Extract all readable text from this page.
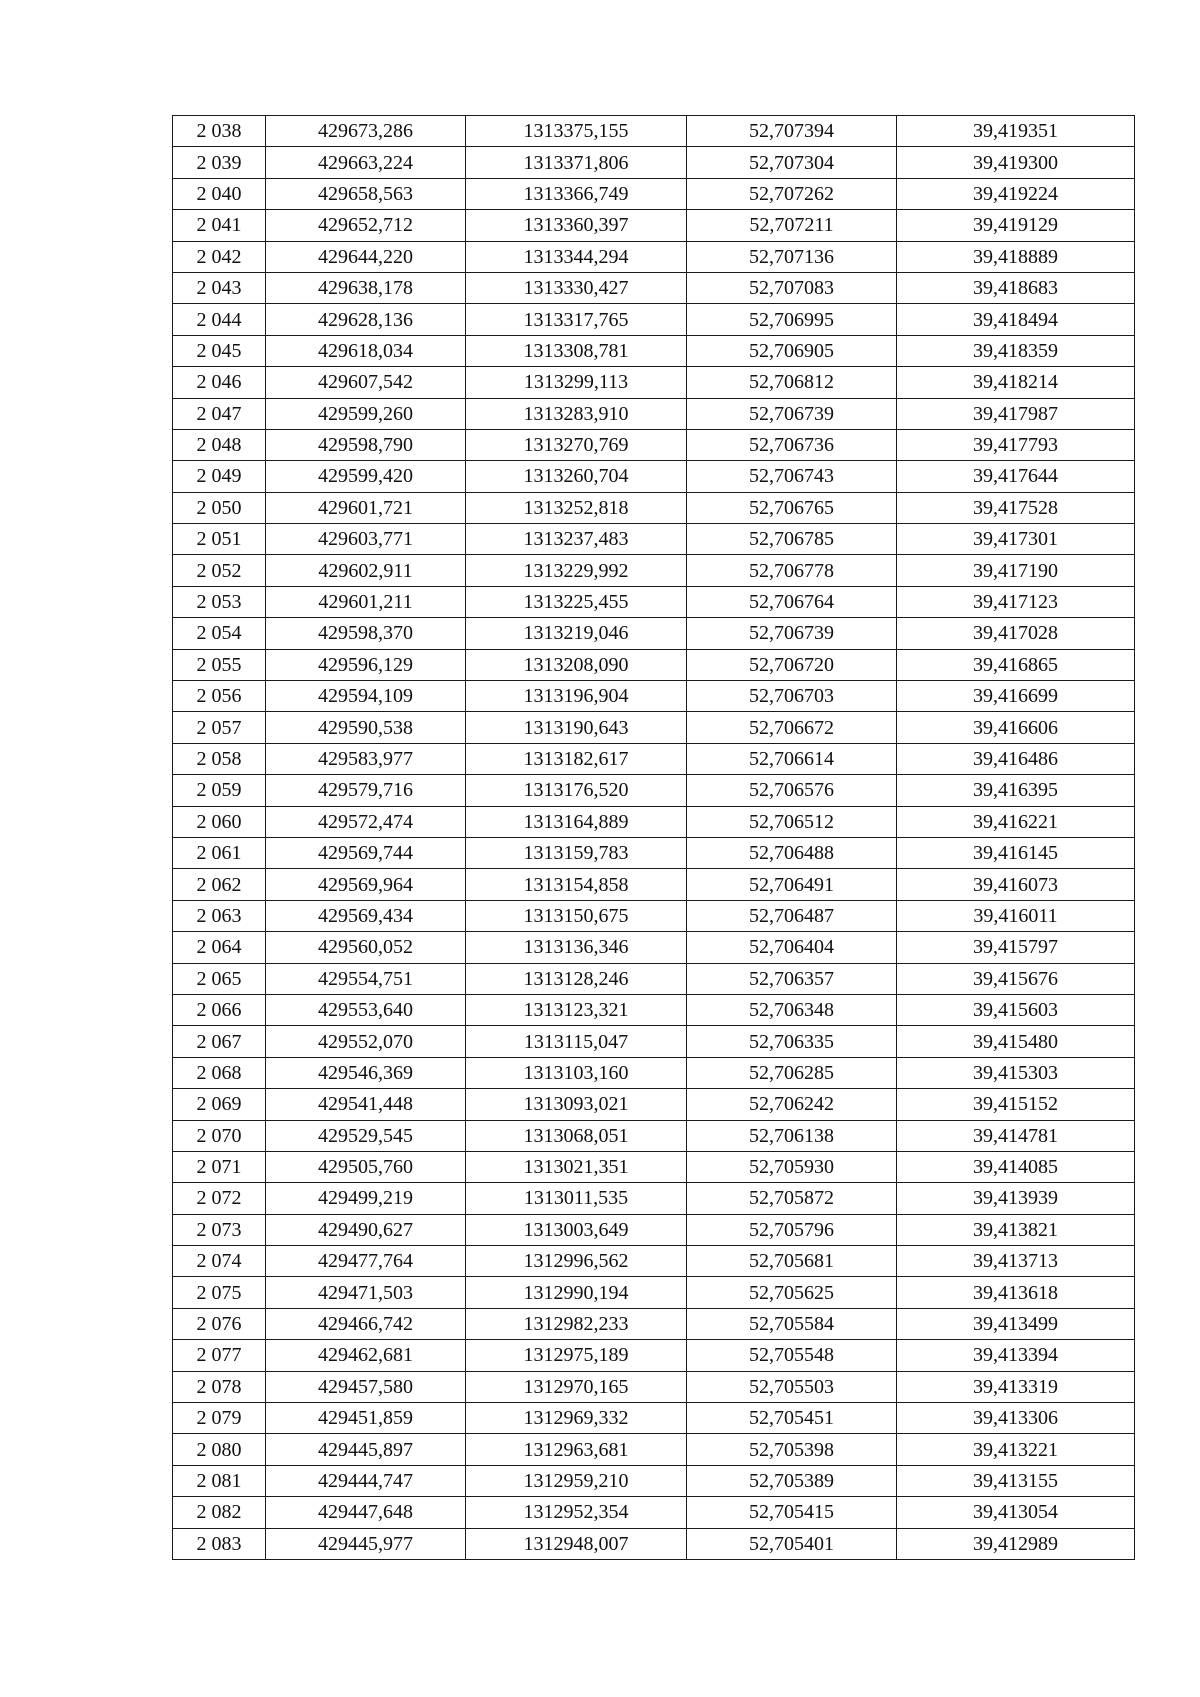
2 038	429673,286	1313375,155	52,707394	39,419351
2 039	429663,224	1313371,806	52,707304	39,419300
2 040	429658,563	1313366,749	52,707262	39,419224
2 041	429652,712	1313360,397	52,707211	39,419129
2 042	429644,220	1313344,294	52,707136	39,418889
2 043	429638,178	1313330,427	52,707083	39,418683
2 044	429628,136	1313317,765	52,706995	39,418494
2 045	429618,034	1313308,781	52,706905	39,418359
2 046	429607,542	1313299,113	52,706812	39,418214
2 047	429599,260	1313283,910	52,706739	39,417987
2 048	429598,790	1313270,769	52,706736	39,417793
2 049	429599,420	1313260,704	52,706743	39,417644
2 050	429601,721	1313252,818	52,706765	39,417528
2 051	429603,771	1313237,483	52,706785	39,417301
2 052	429602,911	1313229,992	52,706778	39,417190
2 053	429601,211	1313225,455	52,706764	39,417123
2 054	429598,370	1313219,046	52,706739	39,417028
2 055	429596,129	1313208,090	52,706720	39,416865
2 056	429594,109	1313196,904	52,706703	39,416699
2 057	429590,538	1313190,643	52,706672	39,416606
2 058	429583,977	1313182,617	52,706614	39,416486
2 059	429579,716	1313176,520	52,706576	39,416395
2 060	429572,474	1313164,889	52,706512	39,416221
2 061	429569,744	1313159,783	52,706488	39,416145
2 062	429569,964	1313154,858	52,706491	39,416073
2 063	429569,434	1313150,675	52,706487	39,416011
2 064	429560,052	1313136,346	52,706404	39,415797
2 065	429554,751	1313128,246	52,706357	39,415676
2 066	429553,640	1313123,321	52,706348	39,415603
2 067	429552,070	1313115,047	52,706335	39,415480
2 068	429546,369	1313103,160	52,706285	39,415303
2 069	429541,448	1313093,021	52,706242	39,415152
2 070	429529,545	1313068,051	52,706138	39,414781
2 071	429505,760	1313021,351	52,705930	39,414085
2 072	429499,219	1313011,535	52,705872	39,413939
2 073	429490,627	1313003,649	52,705796	39,413821
2 074	429477,764	1312996,562	52,705681	39,413713
2 075	429471,503	1312990,194	52,705625	39,413618
2 076	429466,742	1312982,233	52,705584	39,413499
2 077	429462,681	1312975,189	52,705548	39,413394
2 078	429457,580	1312970,165	52,705503	39,413319
2 079	429451,859	1312969,332	52,705451	39,413306
2 080	429445,897	1312963,681	52,705398	39,413221
2 081	429444,747	1312959,210	52,705389	39,413155
2 082	429447,648	1312952,354	52,705415	39,413054
2 083	429445,977	1312948,007	52,705401	39,412989
